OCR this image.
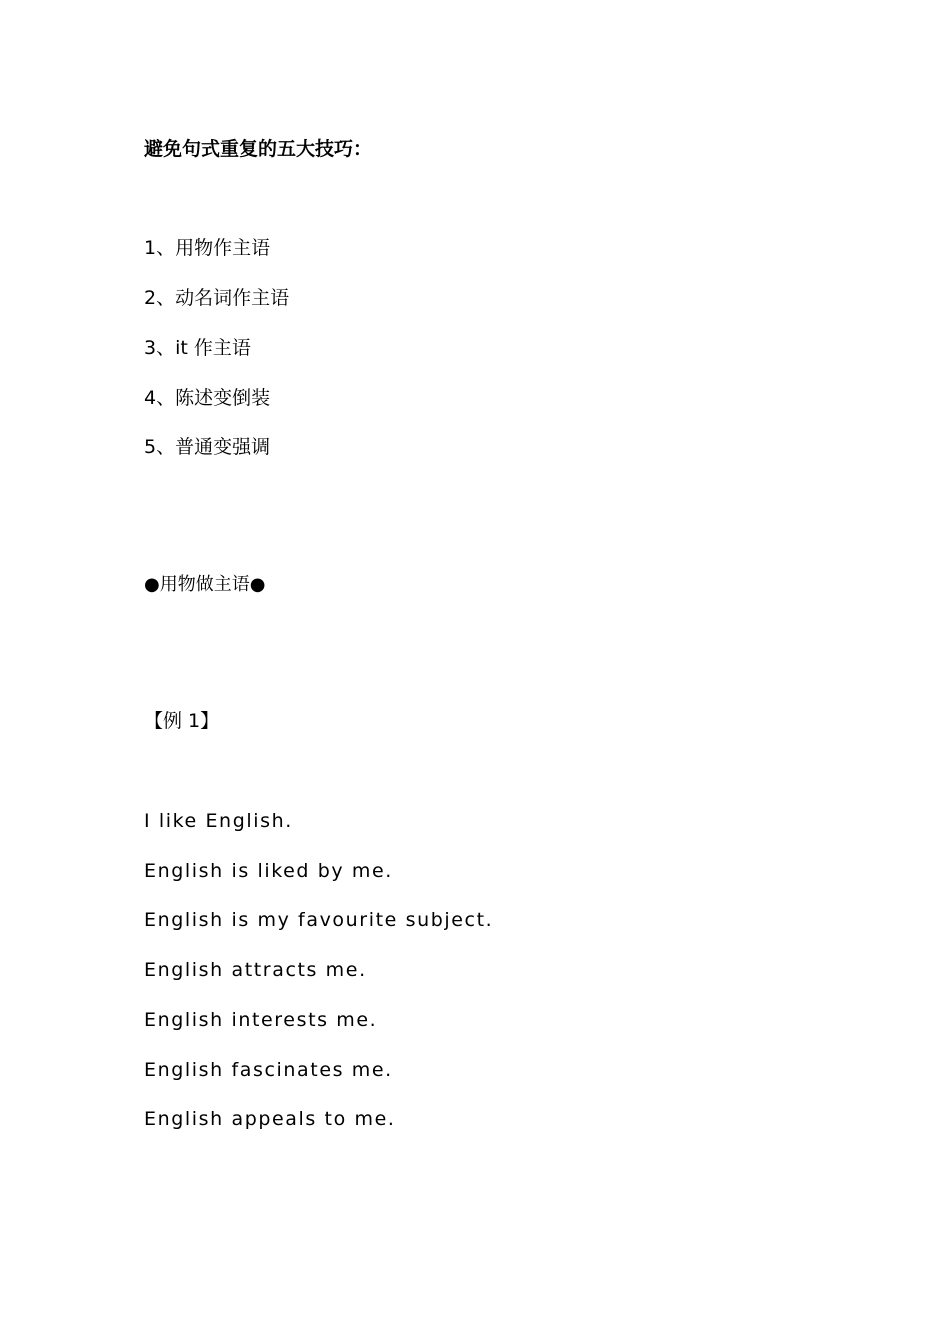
避免句式重复的五大技巧：
1、用物作主语
2、动名词作主语
3、it 作主语
4、陈述变倒装
5、普通变强调
●用物做主语●
【例 1】
I like English.
English is liked by me.
English is my favourite subject.
English attracts me.
English interests me.
English fascinates me.
English appeals to me.
